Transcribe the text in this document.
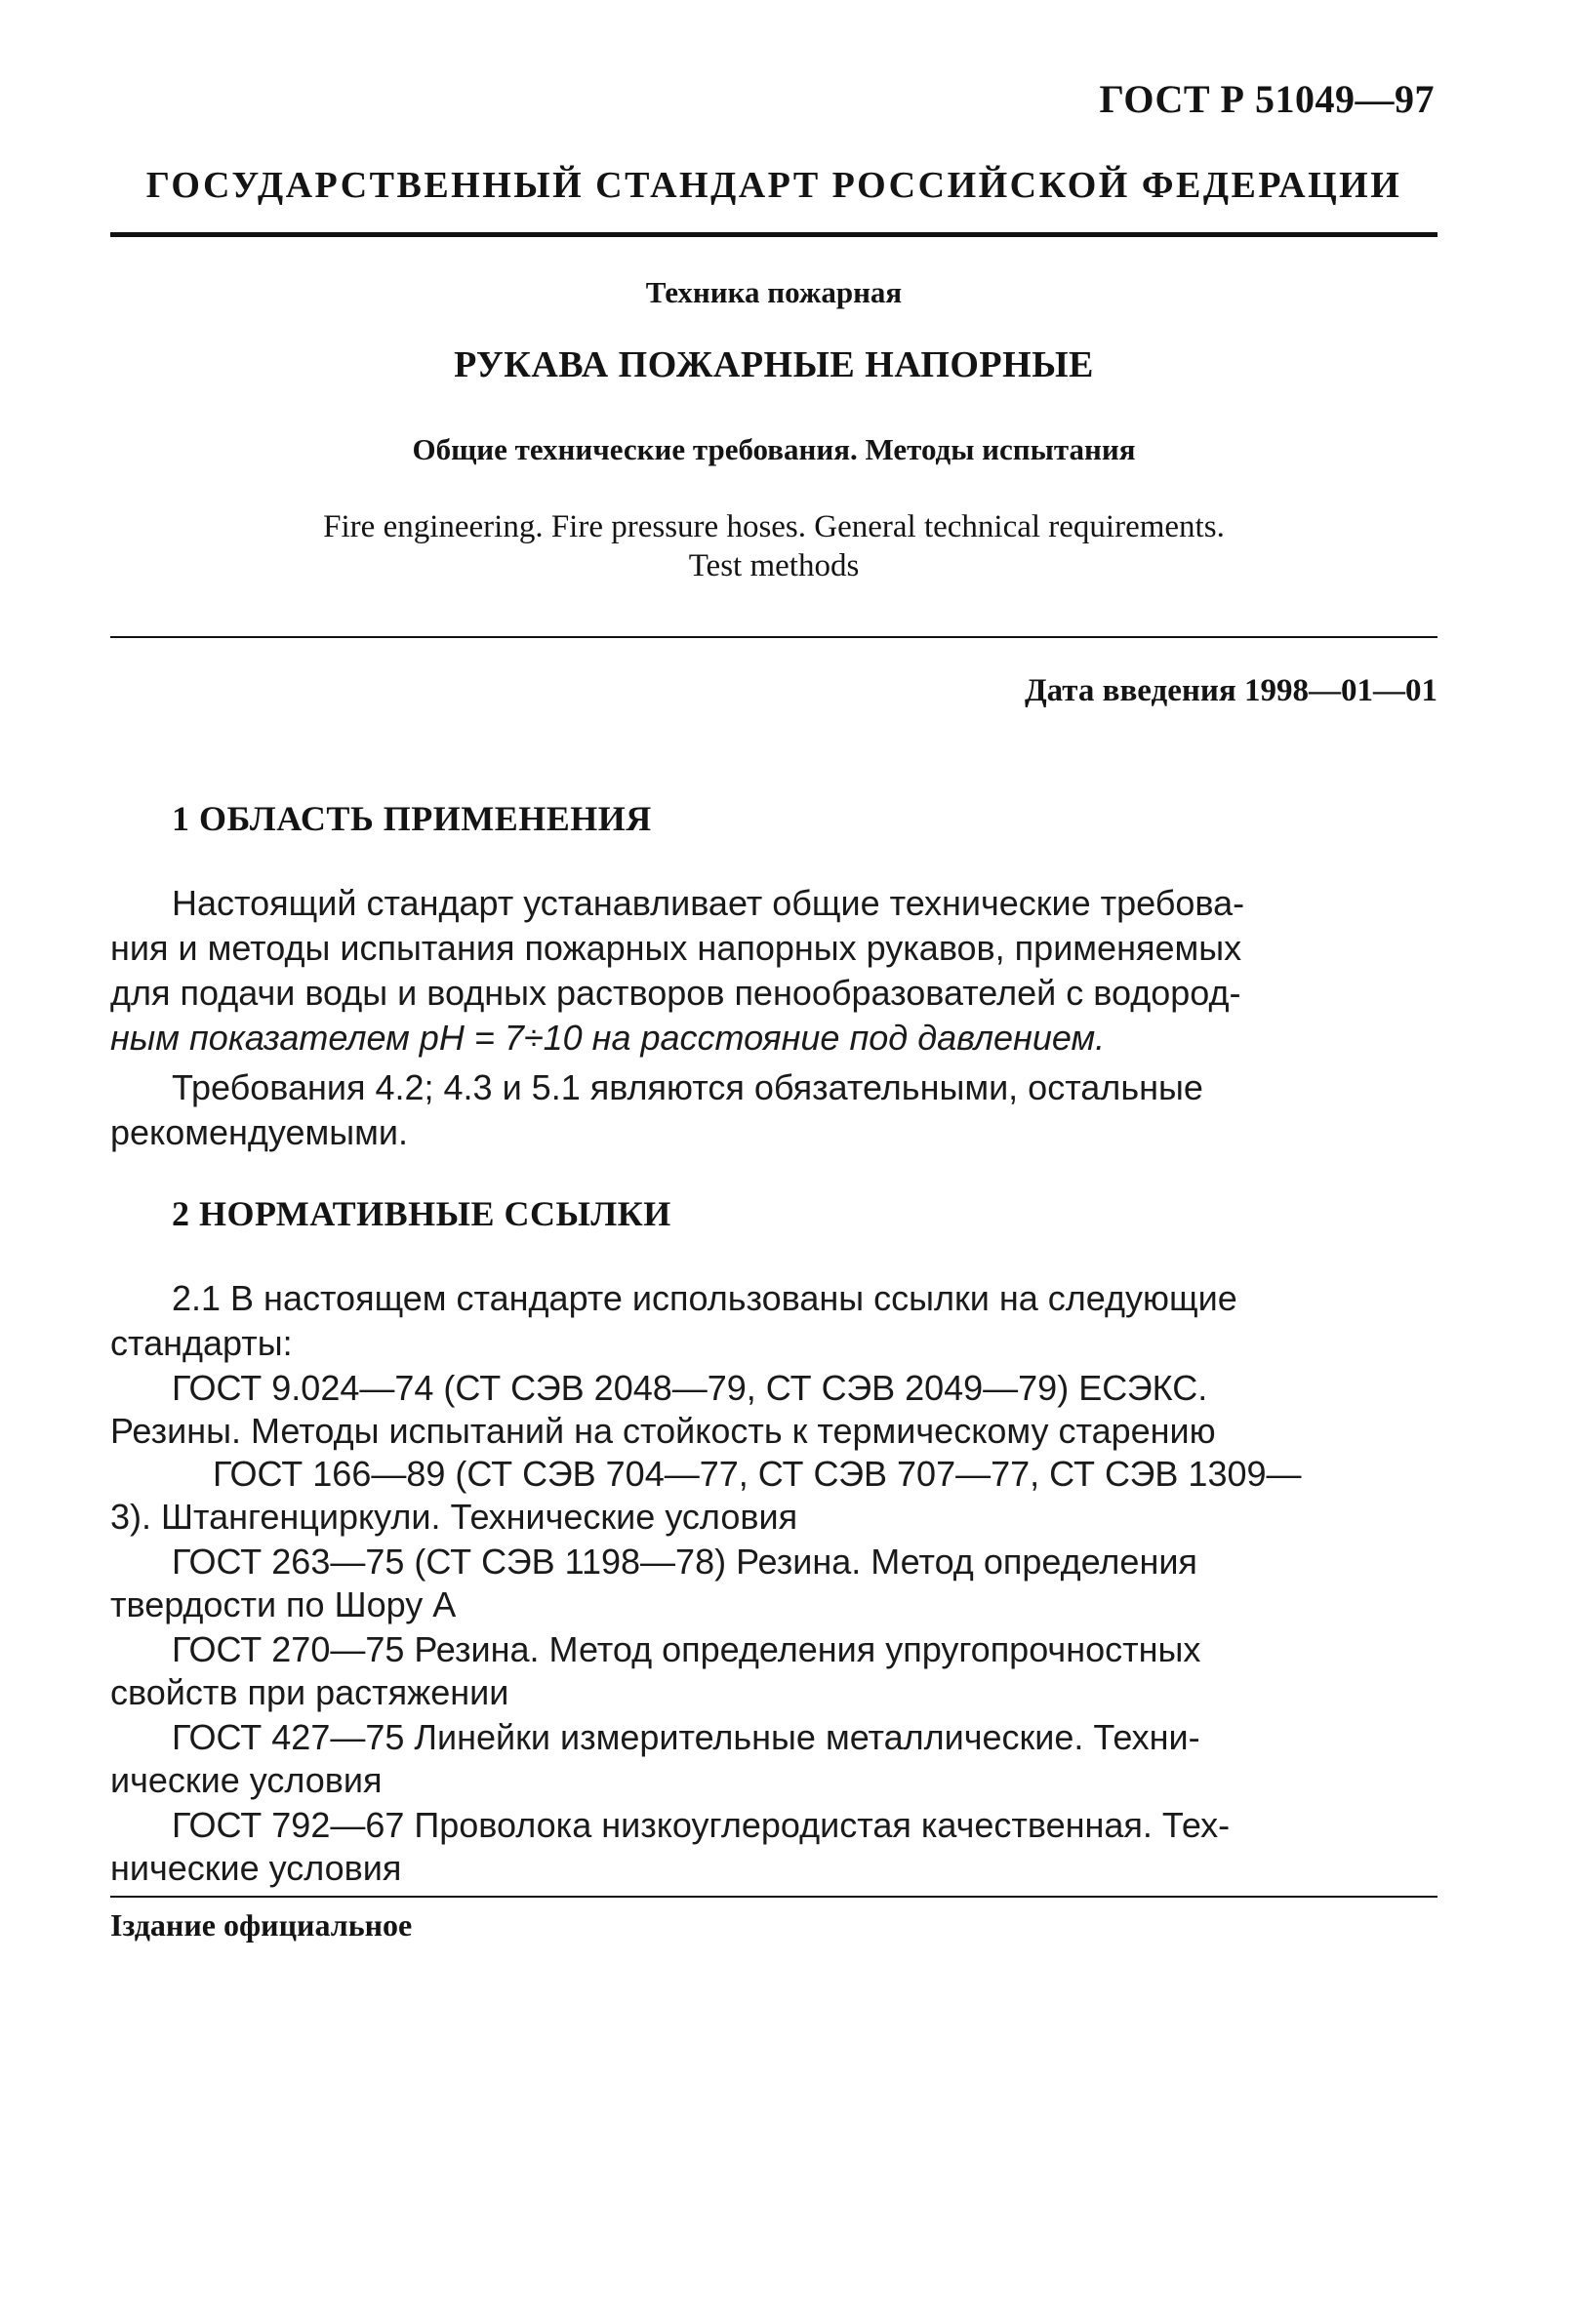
ГОСТ Р 51049—97
ГОСУДАРСТВЕННЫЙ СТАНДАРТ РОССИЙСКОЙ ФЕДЕРАЦИИ
Техника пожарная
РУКАВА ПОЖАРНЫЕ НАПОРНЫЕ
Общие технические требования. Методы испытания
Fire engineering. Fire pressure hoses. General technical requirements.
Test methods
Дата введения 1998—01—01
1 ОБЛАСТЬ ПРИМЕНЕНИЯ
Настоящий стандарт устанавливает общие технические требова-
ния и методы испытания пожарных напорных рукавов, применяемых
для подачи воды и водных растворов пенообразователей с водород-
ным показателем pH = 7÷10 на расстояние под давлением.
Требования 4.2; 4.3 и 5.1 являются обязательными, остальные
рекомендуемыми.
2 НОРМАТИВНЫЕ ССЫЛКИ
2.1 В настоящем стандарте использованы ссылки на следующие
стандарты:
ГОСТ 9.024—74 (СТ СЭВ 2048—79, СТ СЭВ 2049—79) ЕСЭКС.
Резины. Методы испытаний на стойкость к термическому старению
ГОСТ 166—89 (СТ СЭВ 704—77, СТ СЭВ 707—77, СТ СЭВ 1309—
3). Штангенциркули. Технические условия
ГОСТ 263—75 (СТ СЭВ 1198—78) Резина. Метод определения
твердости по Шору А
ГОСТ 270—75 Резина. Метод определения упругопрочностных
свойств при растяжении
ГОСТ 427—75 Линейки измерительные металлические. Техни-
ические условия
ГОСТ 792—67 Проволока низкоуглеродистая качественная. Тех-
нические условия
Іздание официальное
